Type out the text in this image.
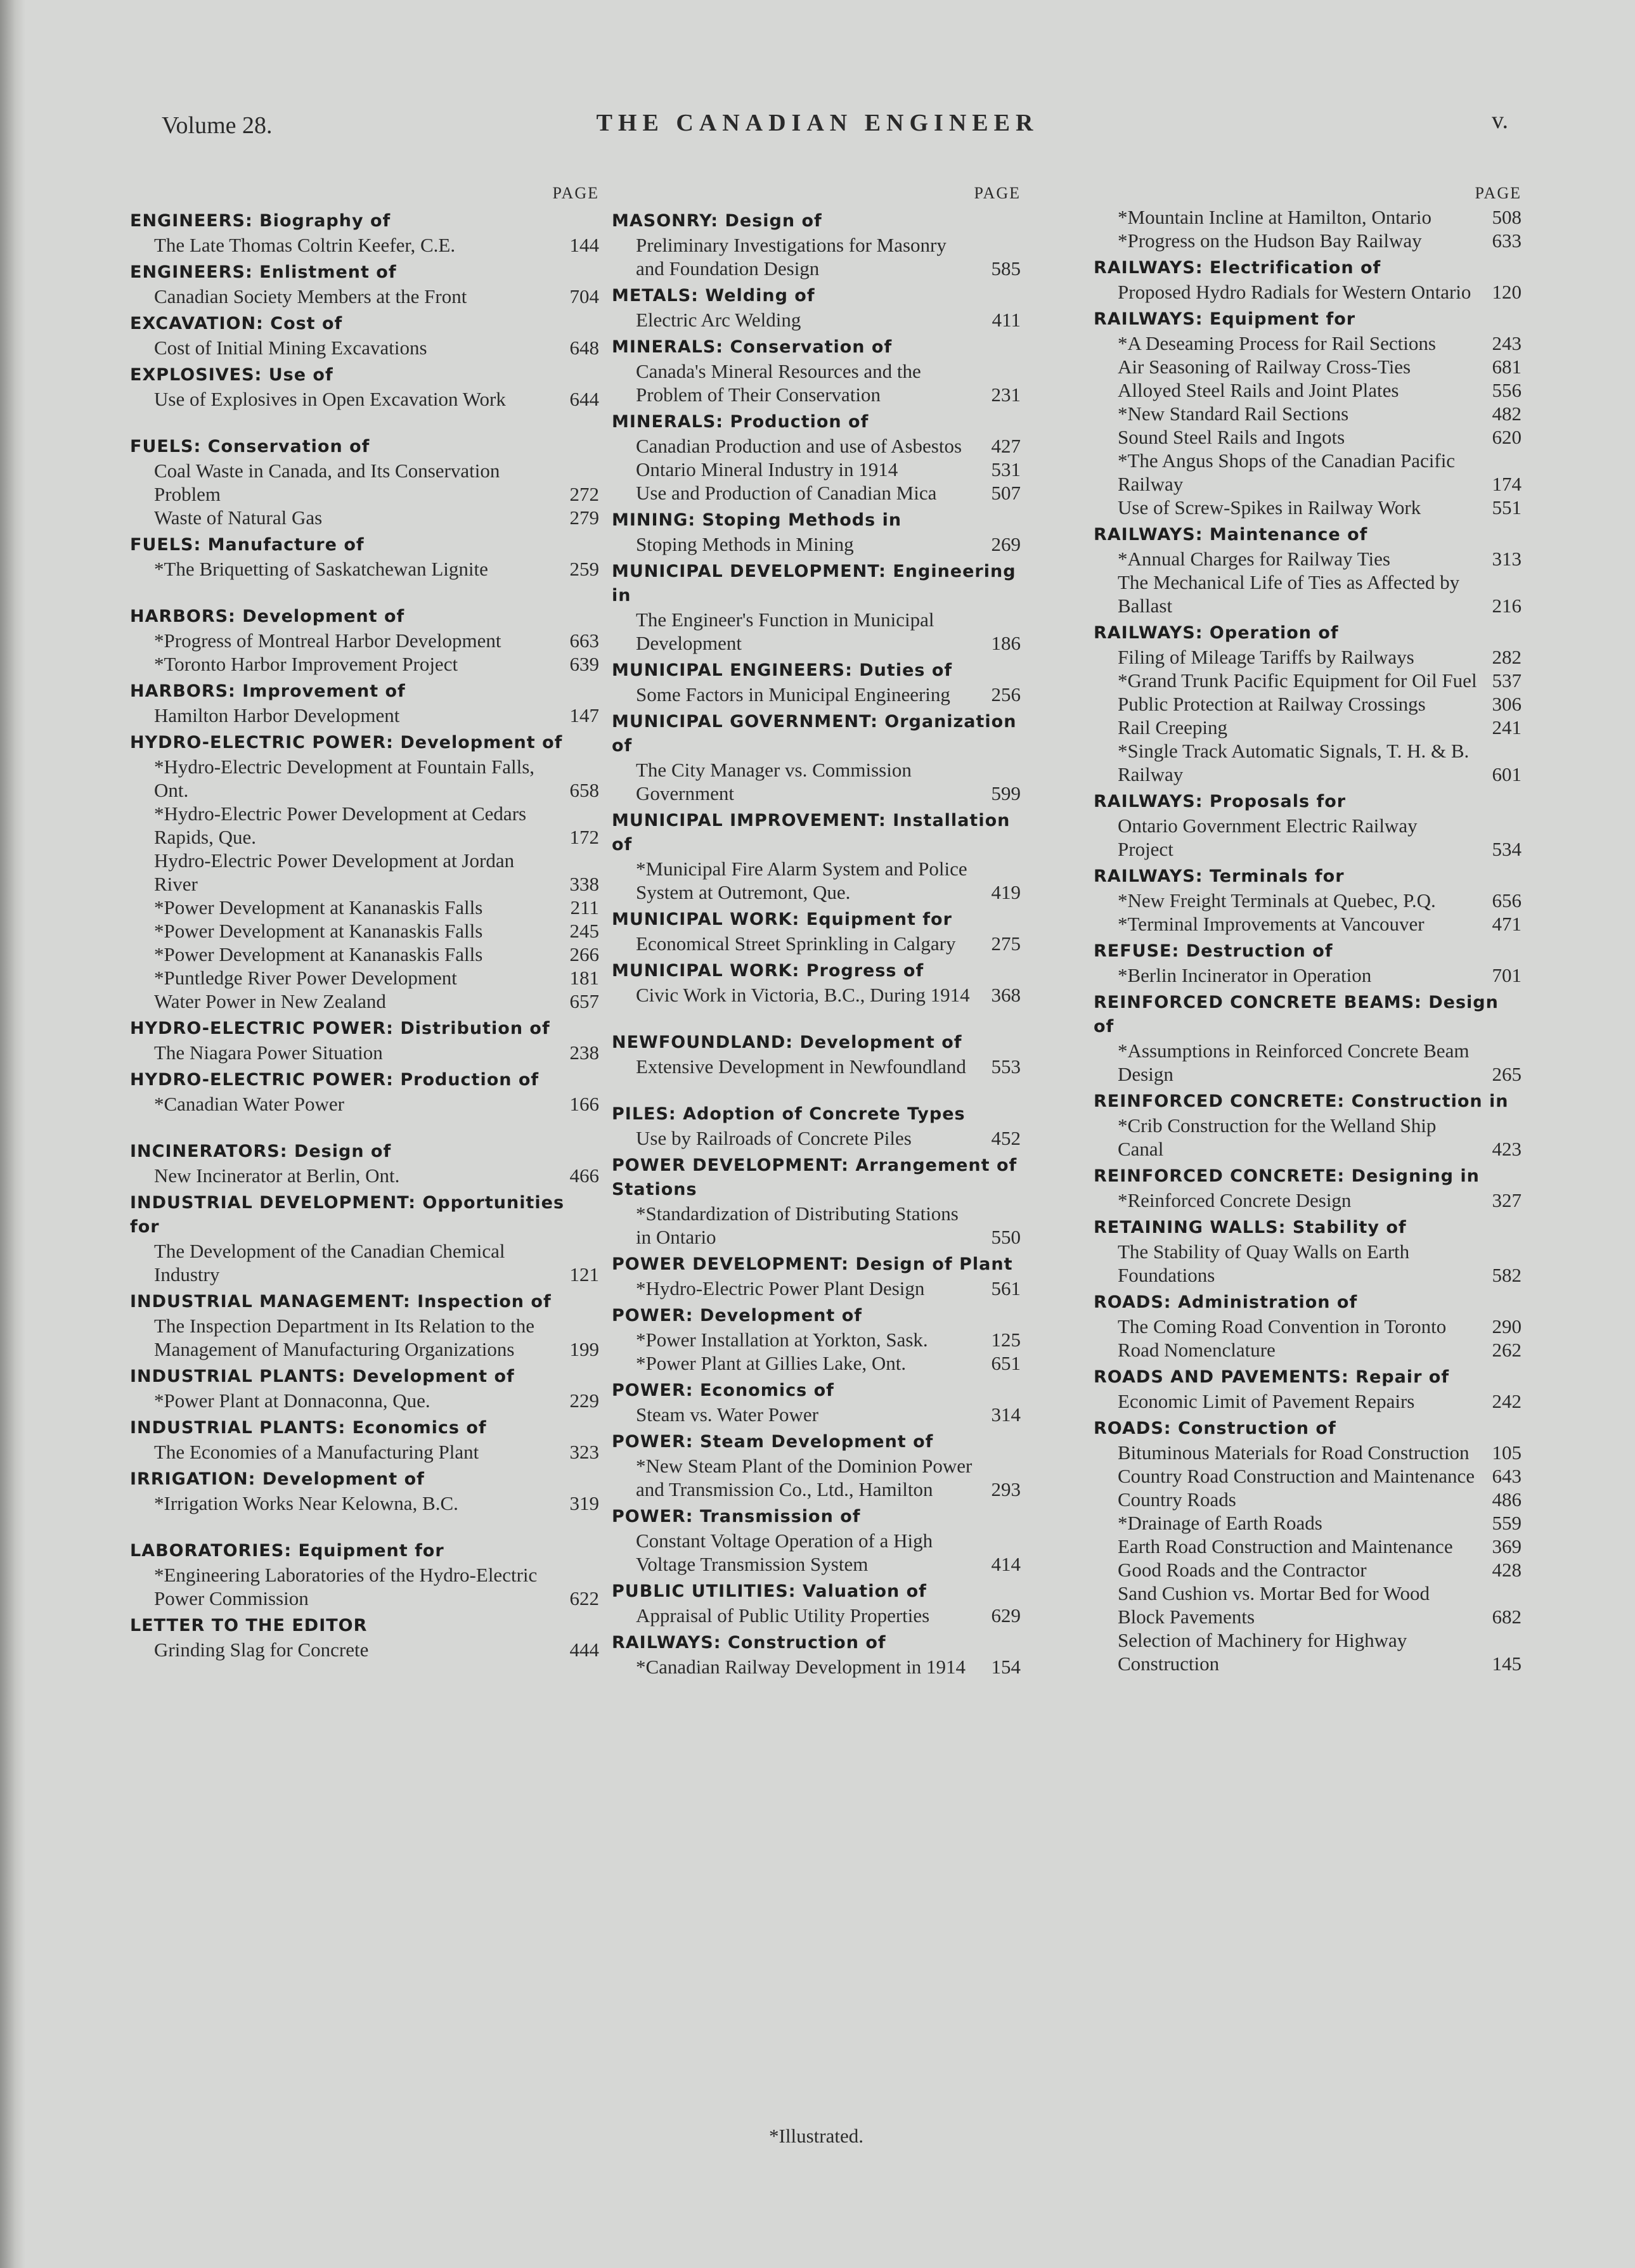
Volume 28.	THE CANADIAN ENGINEER	v.
PAGE
ENGINEERS: Biography of
The Late Thomas Coltrin Keefer, C.E.	144
ENGINEERS: Enlistment of
Canadian Society Members at the Front	704
EXCAVATION: Cost of
Cost of Initial Mining Excavations	648
EXPLOSIVES: Use of
Use of Explosives in Open Excavation Work	644
FUELS: Conservation of
Coal Waste in Canada, and Its Conservation Problem	272
Waste of Natural Gas	279
FUELS: Manufacture of
*The Briquetting of Saskatchewan Lignite	259
HARBORS: Development of
*Progress of Montreal Harbor Development	663
*Toronto Harbor Improvement Project	639
HARBORS: Improvement of
Hamilton Harbor Development	147
HYDRO-ELECTRIC POWER: Development of
*Hydro-Electric Development at Fountain Falls, Ont.	658
*Hydro-Electric Power Development at Cedars Rapids, Que.	172
Hydro-Electric Power Development at Jordan River	338
*Power Development at Kananaskis Falls	211
*Power Development at Kananaskis Falls	245
*Power Development at Kananaskis Falls	266
*Puntledge River Power Development	181
Water Power in New Zealand	657
HYDRO-ELECTRIC POWER: Distribution of
The Niagara Power Situation	238
HYDRO-ELECTRIC POWER: Production of
*Canadian Water Power	166
INCINERATORS: Design of
New Incinerator at Berlin, Ont.	466
INDUSTRIAL DEVELOPMENT: Opportunities for
The Development of the Canadian Chemical Industry	121
INDUSTRIAL MANAGEMENT: Inspection of
The Inspection Department in Its Relation to the Management of Manufacturing Organizations	199
INDUSTRIAL PLANTS: Development of
*Power Plant at Donnaconna, Que.	229
INDUSTRIAL PLANTS: Economics of
The Economies of a Manufacturing Plant	323
IRRIGATION: Development of
*Irrigation Works Near Kelowna, B.C.	319
LABORATORIES: Equipment for
*Engineering Laboratories of the Hydro-Electric Power Commission	622
LETTER TO THE EDITOR
Grinding Slag for Concrete	444
PAGE
MASONRY: Design of
Preliminary Investigations for Masonry and Foundation Design	585
METALS: Welding of
Electric Arc Welding	411
MINERALS: Conservation of
Canada's Mineral Resources and the Problem of Their Conservation	231
MINERALS: Production of
Canadian Production and use of Asbestos	427
Ontario Mineral Industry in 1914	531
Use and Production of Canadian Mica	507
MINING: Stoping Methods in
Stoping Methods in Mining	269
MUNICIPAL DEVELOPMENT: Engineering in
The Engineer's Function in Municipal Development	186
MUNICIPAL ENGINEERS: Duties of
Some Factors in Municipal Engineering	256
MUNICIPAL GOVERNMENT: Organization of
The City Manager vs. Commission Government	599
MUNICIPAL IMPROVEMENT: Installation of
*Municipal Fire Alarm System and Police System at Outremont, Que.	419
MUNICIPAL WORK: Equipment for
Economical Street Sprinkling in Calgary	275
MUNICIPAL WORK: Progress of
Civic Work in Victoria, B.C., During 1914	368
NEWFOUNDLAND: Development of
Extensive Development in Newfoundland	553
PILES: Adoption of Concrete Types
Use by Railroads of Concrete Piles	452
POWER DEVELOPMENT: Arrangement of Stations
*Standardization of Distributing Stations in Ontario	550
POWER DEVELOPMENT: Design of Plant
*Hydro-Electric Power Plant Design	561
POWER: Development of
*Power Installation at Yorkton, Sask.	125
*Power Plant at Gillies Lake, Ont.	651
POWER: Economics of
Steam vs. Water Power	314
POWER: Steam Development of
*New Steam Plant of the Dominion Power and Transmission Co., Ltd., Hamilton	293
POWER: Transmission of
Constant Voltage Operation of a High Voltage Transmission System	414
PUBLIC UTILITIES: Valuation of
Appraisal of Public Utility Properties	629
RAILWAYS: Construction of
*Canadian Railway Development in 1914	154
PAGE
*Mountain Incline at Hamilton, Ontario	508
*Progress on the Hudson Bay Railway	633
RAILWAYS: Electrification of
Proposed Hydro Radials for Western Ontario	120
RAILWAYS: Equipment for
*A Deseaming Process for Rail Sections	243
Air Seasoning of Railway Cross-Ties	681
Alloyed Steel Rails and Joint Plates	556
*New Standard Rail Sections	482
Sound Steel Rails and Ingots	620
*The Angus Shops of the Canadian Pacific Railway	174
Use of Screw-Spikes in Railway Work	551
RAILWAYS: Maintenance of
*Annual Charges for Railway Ties	313
The Mechanical Life of Ties as Affected by Ballast	216
RAILWAYS: Operation of
Filing of Mileage Tariffs by Railways	282
*Grand Trunk Pacific Equipment for Oil Fuel 537
Public Protection at Railway Crossings	306
Rail Creeping	241
*Single Track Automatic Signals, T. H. & B. Railway	601
RAILWAYS: Proposals for
Ontario Government Electric Railway Project	534
RAILWAYS: Terminals for
*New Freight Terminals at Quebec, P.Q.	656
*Terminal Improvements at Vancouver	471
REFUSE: Destruction of
*Berlin Incinerator in Operation	701
REINFORCED CONCRETE BEAMS: Design of
*Assumptions in Reinforced Concrete Beam Design	265
REINFORCED CONCRETE: Construction in
*Crib Construction for the Welland Ship Canal	423
REINFORCED CONCRETE: Designing in
*Reinforced Concrete Design	327
RETAINING WALLS: Stability of
The Stability of Quay Walls on Earth Foundations	582
ROADS: Administration of
The Coming Road Convention in Toronto	290
Road Nomenclature	262
ROADS AND PAVEMENTS: Repair of
Economic Limit of Pavement Repairs	242
ROADS: Construction of
Bituminous Materials for Road Construction	105
Country Road Construction and Maintenance 643
Country Roads	486
*Drainage of Earth Roads	559
Earth Road Construction and Maintenance	369
Good Roads and the Contractor	428
Sand Cushion vs. Mortar Bed for Wood Block Pavements	682
Selection of Machinery for Highway Construction	145
*Illustrated.
